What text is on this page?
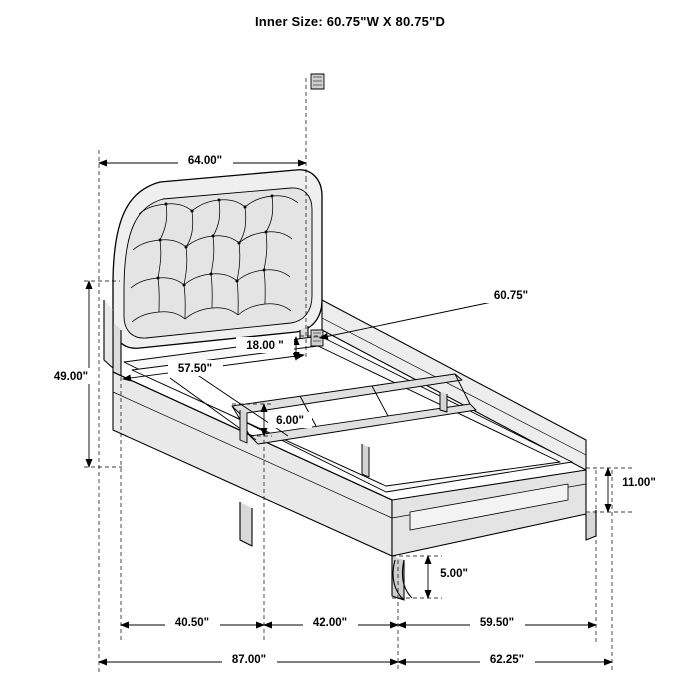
Inner Size: 60.75"W X 80.75"D
64.00"
49.00"
57.50"
18.00 "
6.00"
60.75"
11.00"
5.00"
40.50"	42.00"	59.50"
87.00"	62.25"
